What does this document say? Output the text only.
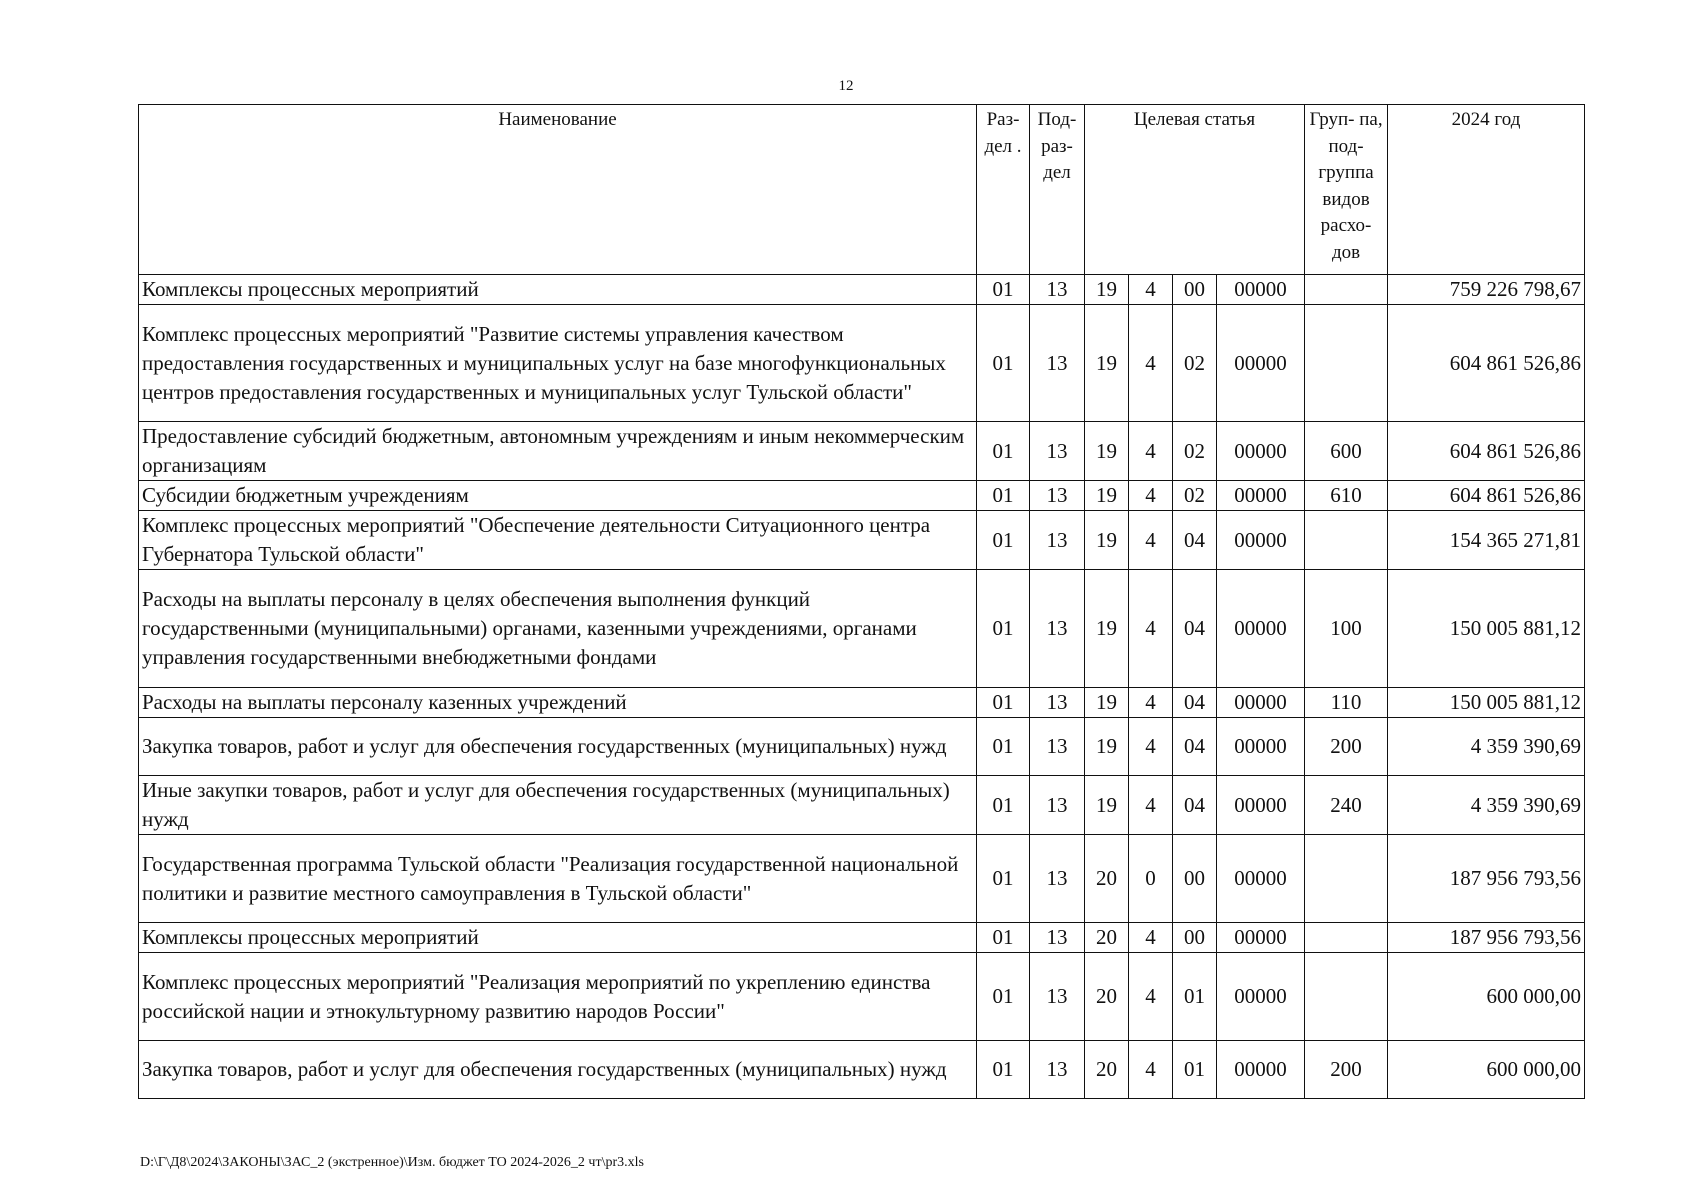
12
Наименование	Раз- дел .	Под- раз- дел	Целевая статья				Груп- па, под- группа видов расхо- дов	2024 год
Комплексы процессных мероприятий	01	13	19	4	00	00000		759 226 798,67
Комплекс процессных мероприятий "Развитие системы управления качеством предоставления государственных и муниципальных услуг на базе многофункциональных центров предоставления государственных и муниципальных услуг Тульской области"	01	13	19	4	02	00000		604 861 526,86
Предоставление субсидий бюджетным, автономным учреждениям и иным некоммерческим организациям	01	13	19	4	02	00000	600	604 861 526,86
Субсидии бюджетным учреждениям	01	13	19	4	02	00000	610	604 861 526,86
Комплекс процессных мероприятий "Обеспечение деятельности Ситуационного центра Губернатора Тульской области"	01	13	19	4	04	00000		154 365 271,81
Расходы на выплаты персоналу в целях обеспечения выполнения функций государственными (муниципальными) органами, казенными учреждениями, органами управления государственными внебюджетными фондами	01	13	19	4	04	00000	100	150 005 881,12
Расходы на выплаты персоналу казенных учреждений	01	13	19	4	04	00000	110	150 005 881,12
Закупка товаров, работ и услуг для обеспечения государственных (муниципальных) нужд	01	13	19	4	04	00000	200	4 359 390,69
Иные закупки товаров, работ и услуг для обеспечения государственных (муниципальных) нужд	01	13	19	4	04	00000	240	4 359 390,69
Государственная программа Тульской области "Реализация государственной национальной политики и развитие местного самоуправления в Тульской области"	01	13	20	0	00	00000		187 956 793,56
Комплексы процессных мероприятий	01	13	20	4	00	00000		187 956 793,56
Комплекс процессных мероприятий "Реализация мероприятий по укреплению единства российской нации и этнокультурному развитию народов России"	01	13	20	4	01	00000		600 000,00
Закупка товаров, работ и услуг для обеспечения государственных (муниципальных) нужд	01	13	20	4	01	00000	200	600 000,00
D:\Г\Д8\2024\ЗАКОНЫ\ЗАС_2 (экстренное)\Изм. бюджет ТО 2024-2026_2 чт\pr3.xls
